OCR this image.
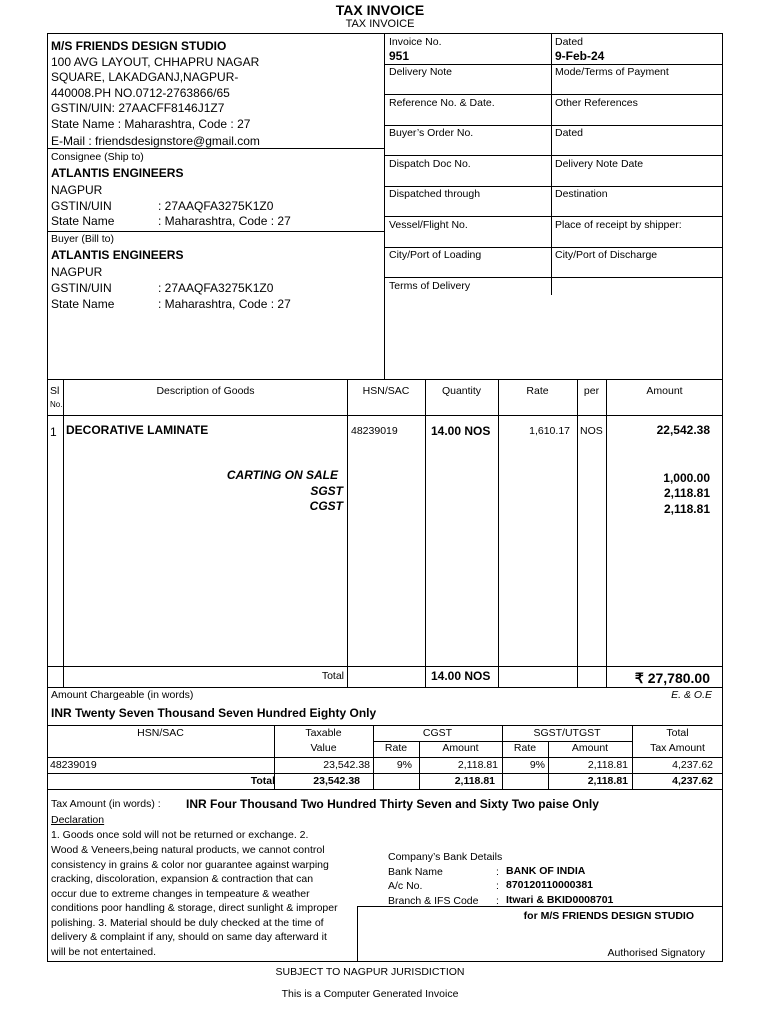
TAX INVOICE
TAX INVOICE
M/S FRIENDS DESIGN STUDIO
100 AVG LAYOUT, CHHAPRU NAGAR
SQUARE, LAKADGANJ,NAGPUR-
440008.PH NO.0712-2763866/65
GSTIN/UIN: 27AACFF8146J1Z7
State Name : Maharashtra, Code : 27
E-Mail : friendsdesignstore@gmail.com
Consignee (Ship to)
ATLANTIS ENGINEERS
NAGPUR
GSTIN/UIN	: 27AAQFA3275K1Z0
State Name	: Maharashtra, Code : 27
Buyer (Bill to)
ATLANTIS ENGINEERS
NAGPUR
GSTIN/UIN	: 27AAQFA3275K1Z0
State Name	: Maharashtra, Code : 27
Invoice No.
951
Dated
9-Feb-24
Delivery Note	Mode/Terms of Payment
Reference No. & Date.	Other References
Buyer’s Order No.	Dated
Dispatch Doc No.	Delivery Note Date
Dispatched through	Destination
Vessel/Flight No.	Place of receipt by shipper:
City/Port of Loading	City/Port of Discharge
Terms of Delivery
Sl
No.
Description of Goods	HSN/SAC	Quantity	Rate	per	Amount
1 DECORATIVE LAMINATE	48239019	14.00 NOS	1,610.17 NOS	22,542.38
CARTING ON SALE	1,000.00
SGST	2,118.81
CGST	2,118.81
Total	14.00 NOS	₹ 27,780.00
Amount Chargeable (in words)	E. & O.E
INR Twenty Seven Thousand Seven Hundred Eighty Only
HSN/SAC	Taxable
Value
CGST	SGST/UTGST	Total
Tax Amount
Rate	Amount	Rate	Amount
48239019	23,542.38	9%	2,118.81	9%	2,118.81	4,237.62
Total	23,542.38	2,118.81	2,118.81	4,237.62
Tax Amount (in words) : INR Four Thousand Two Hundred Thirty Seven and Sixty Two paise Only
Declaration
1. Goods once sold will not be returned or exchange. 2.
Wood & Veneers,being natural products, we cannot control
consistency in grains & color nor guarantee against warping
cracking, discoloration, expansion & contraction that can
occur due to extreme changes in tempeature & weather
conditions poor handling & storage, direct sunlight & improper
polishing. 3. Material should be duly checked at the time of
delivery & complaint if any, should on same day afterward it
will be not entertained.
Company’s Bank Details
Bank Name	: BANK OF INDIA
A/c No.	: 870120110000381
Branch & IFS Code : Itwari & BKID0008701
for M/S FRIENDS DESIGN STUDIO
Authorised Signatory
SUBJECT TO NAGPUR JURISDICTION
This is a Computer Generated Invoice
